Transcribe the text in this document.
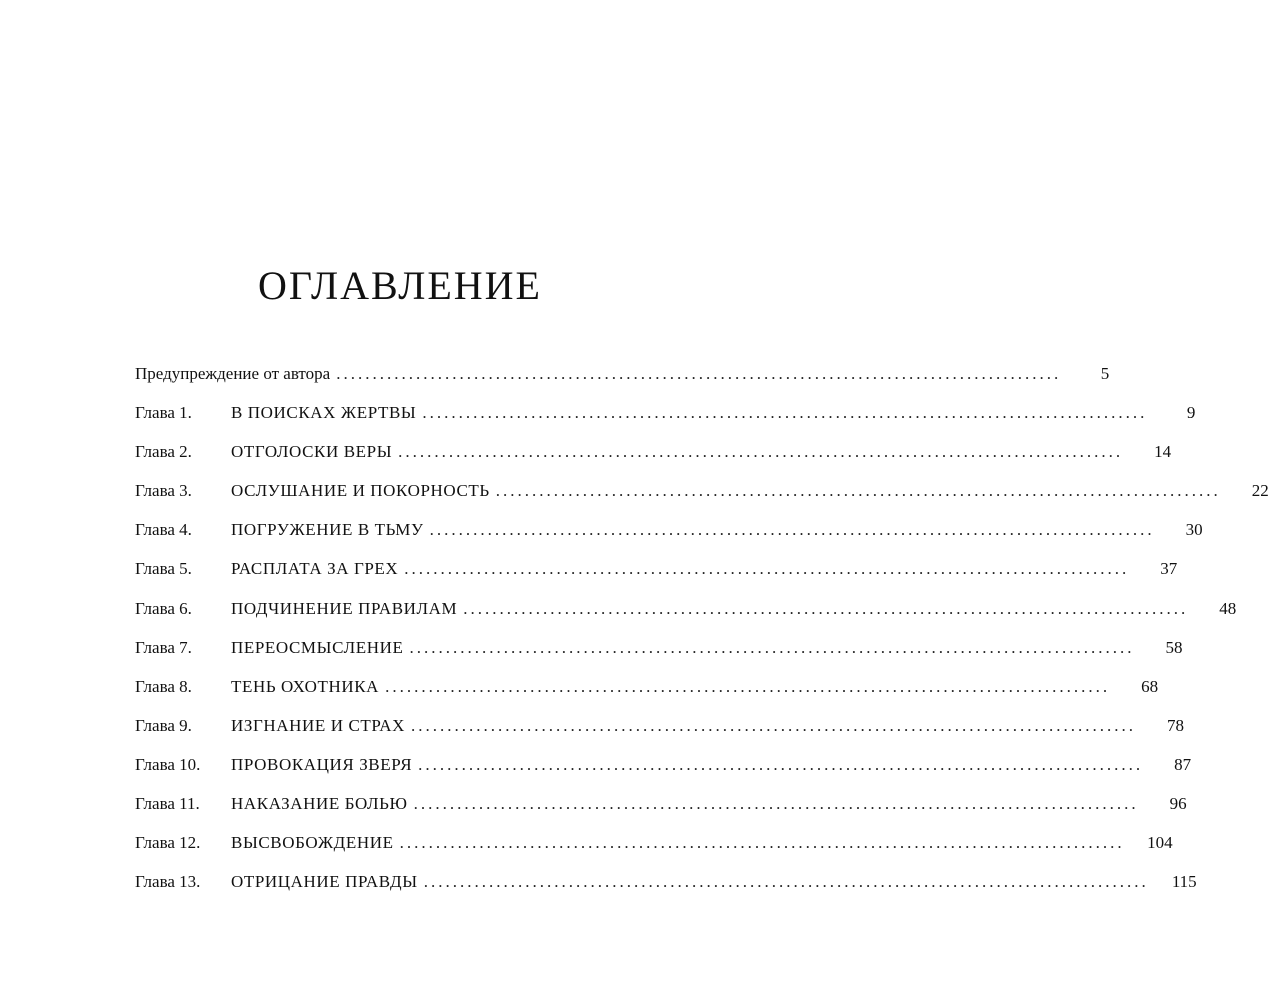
ОГЛАВЛЕНИЕ
Предупреждение от автора ....................................................................................................	5
Глава 1.	В ПОИСКАХ ЖЕРТВЫ ....................................................................................................	9
Глава 2.	ОТГОЛОСКИ ВЕРЫ ....................................................................................................	14
Глава 3.	ОСЛУШАНИЕ И ПОКОРНОСТЬ ....................................................................................................	22
Глава 4.	ПОГРУЖЕНИЕ В ТЬМУ ....................................................................................................	30
Глава 5.	РАСПЛАТА ЗА ГРЕХ ....................................................................................................	37
Глава 6.	ПОДЧИНЕНИЕ ПРАВИЛАМ ....................................................................................................	48
Глава 7.	ПЕРЕОСМЫСЛЕНИЕ ....................................................................................................	58
Глава 8.	ТЕНЬ ОХОТНИКА ....................................................................................................	68
Глава 9.	ИЗГНАНИЕ И СТРАХ ....................................................................................................	78
Глава 10.	ПРОВОКАЦИЯ ЗВЕРЯ ....................................................................................................	87
Глава 11.	НАКАЗАНИЕ БОЛЬЮ ....................................................................................................	96
Глава 12.	ВЫСВОБОЖДЕНИЕ ....................................................................................................	104
Глава 13.	ОТРИЦАНИЕ ПРАВДЫ ....................................................................................................	115
